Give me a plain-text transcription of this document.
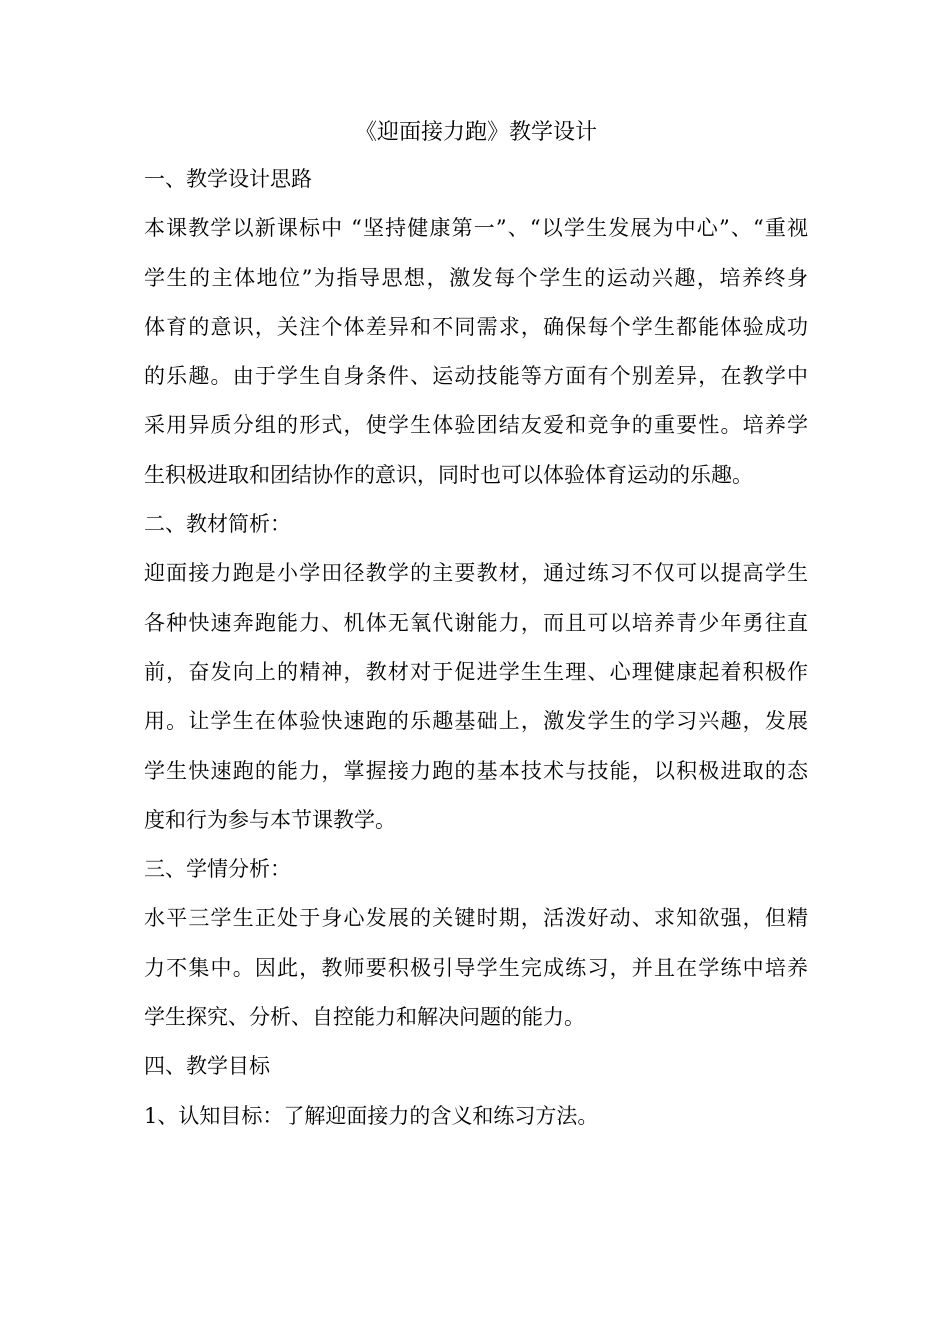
《迎面接力跑》教学设计

一、教学设计思路

本课教学以新课标中 “坚持健康第一”、“以学生发展为中心”、“重视

学生的主体地位”为指导思想，激发每个学生的运动兴趣，培养终身

体育的意识，关注个体差异和不同需求，确保每个学生都能体验成功

的乐趣。由于学生自身条件、运动技能等方面有个别差异，在教学中

采用异质分组的形式，使学生体验团结友爱和竞争的重要性。培养学

生积极进取和团结协作的意识，同时也可以体验体育运动的乐趣。

二、教材简析：

迎面接力跑是小学田径教学的主要教材，通过练习不仅可以提高学生

各种快速奔跑能力、机体无氧代谢能力，而且可以培养青少年勇往直

前，奋发向上的精神，教材对于促进学生生理、心理健康起着积极作

用。让学生在体验快速跑的乐趣基础上，激发学生的学习兴趣，发展

学生快速跑的能力，掌握接力跑的基本技术与技能，以积极进取的态

度和行为参与本节课教学。

三、学情分析：

水平三学生正处于身心发展的关键时期，活泼好动、求知欲强，但精

力不集中。因此，教师要积极引导学生完成练习，并且在学练中培养

学生探究、分析、自控能力和解决问题的能力。

四、教学目标

1、认知目标：了解迎面接力的含义和练习方法。
